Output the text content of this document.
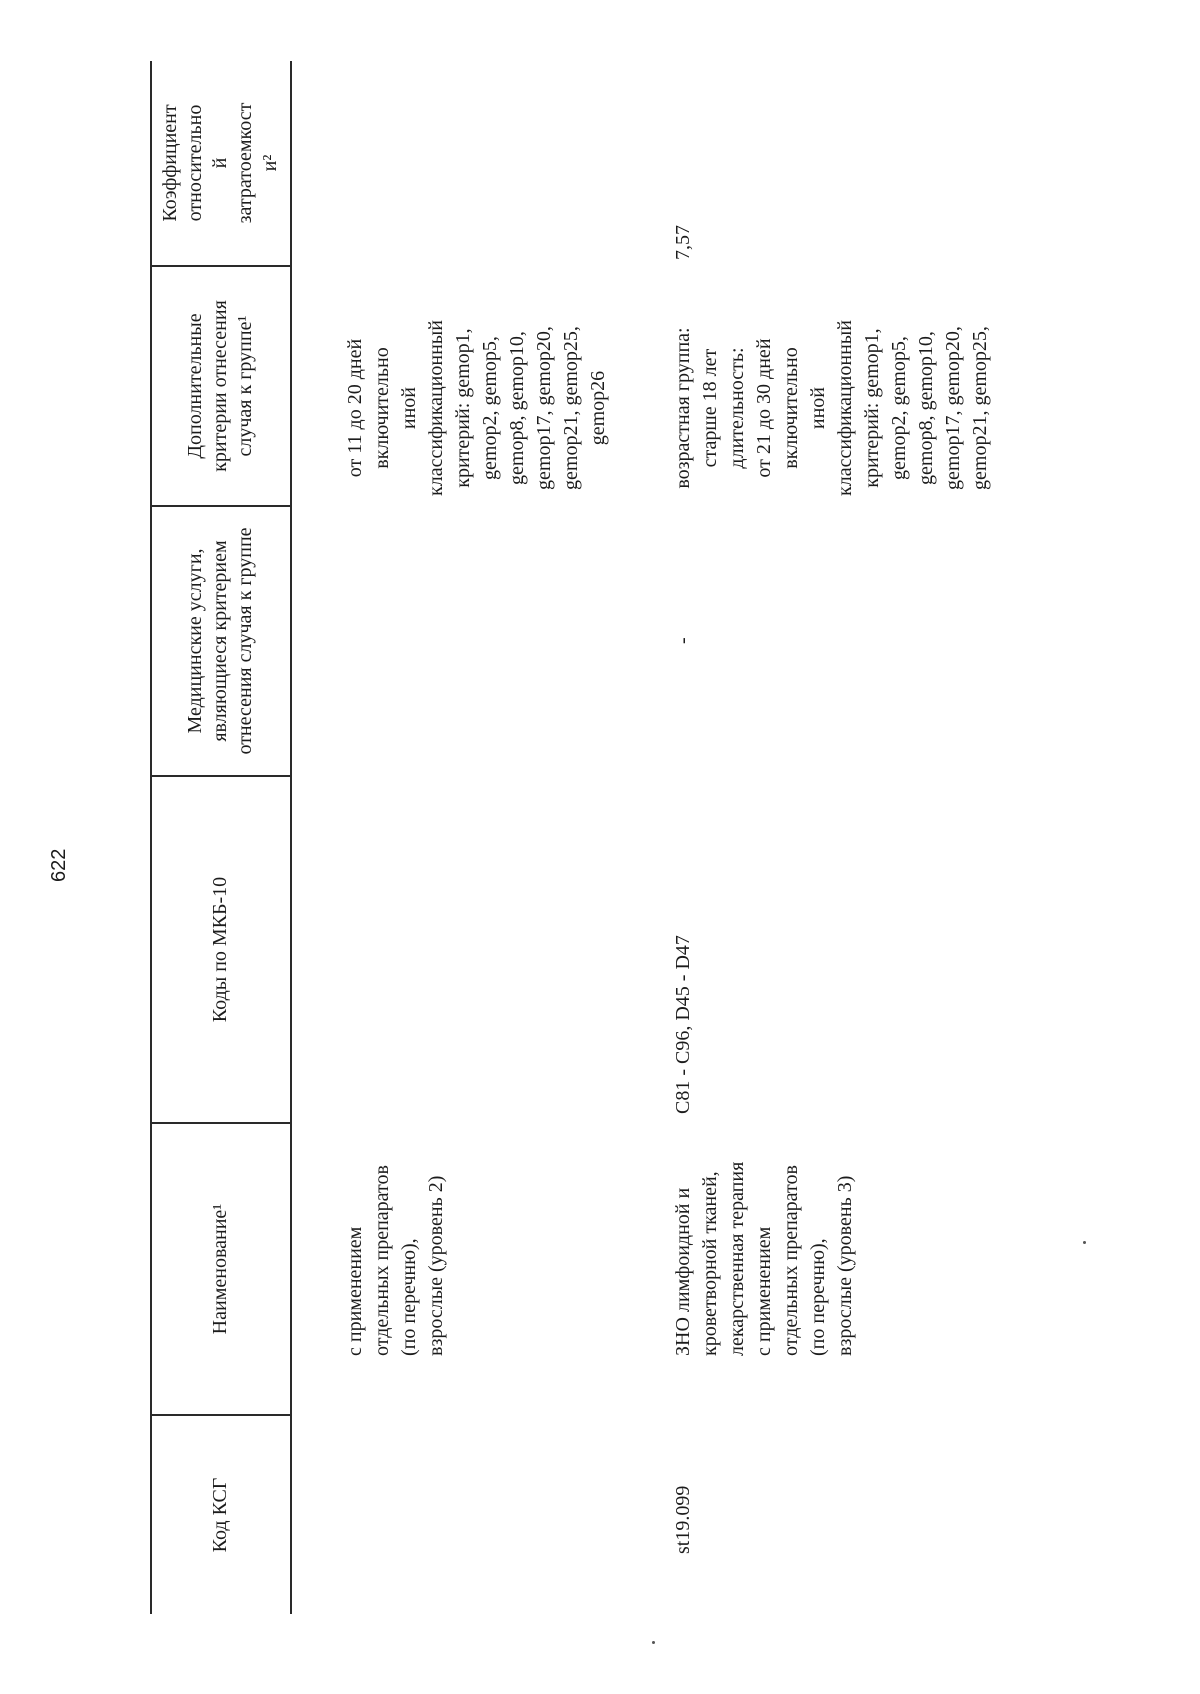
622
Код КСГ
Наименование¹
Коды по МКБ-10
Медицинские услуги, являющиеся критерием отнесения случая к группе
Дополнительные критерии отнесения случая к группе¹
Коэффициент относительно й затратоемкост и²
с применением отдельных препаратов (по перечню), взрослые (уровень 2)
от 11 до 20 дней включительно иной классификационный критерий: gemop1, gemop2, gemop5, gemop8, gemop10, gemop17, gemop20, gemop21, gemop25, gemop26
st19.099
ЗНО лимфоидной и кроветворной тканей, лекарственная терапия с применением отдельных препаратов (по перечню), взрослые (уровень 3)
C81 - C96, D45 - D47
-
возрастная группа: старше 18 лет длительность: от 21 до 30 дней включительно иной классификационный критерий: gemop1, gemop2, gemop5, gemop8, gemop10, gemop17, gemop20, gemop21, gemop25,
7,57
